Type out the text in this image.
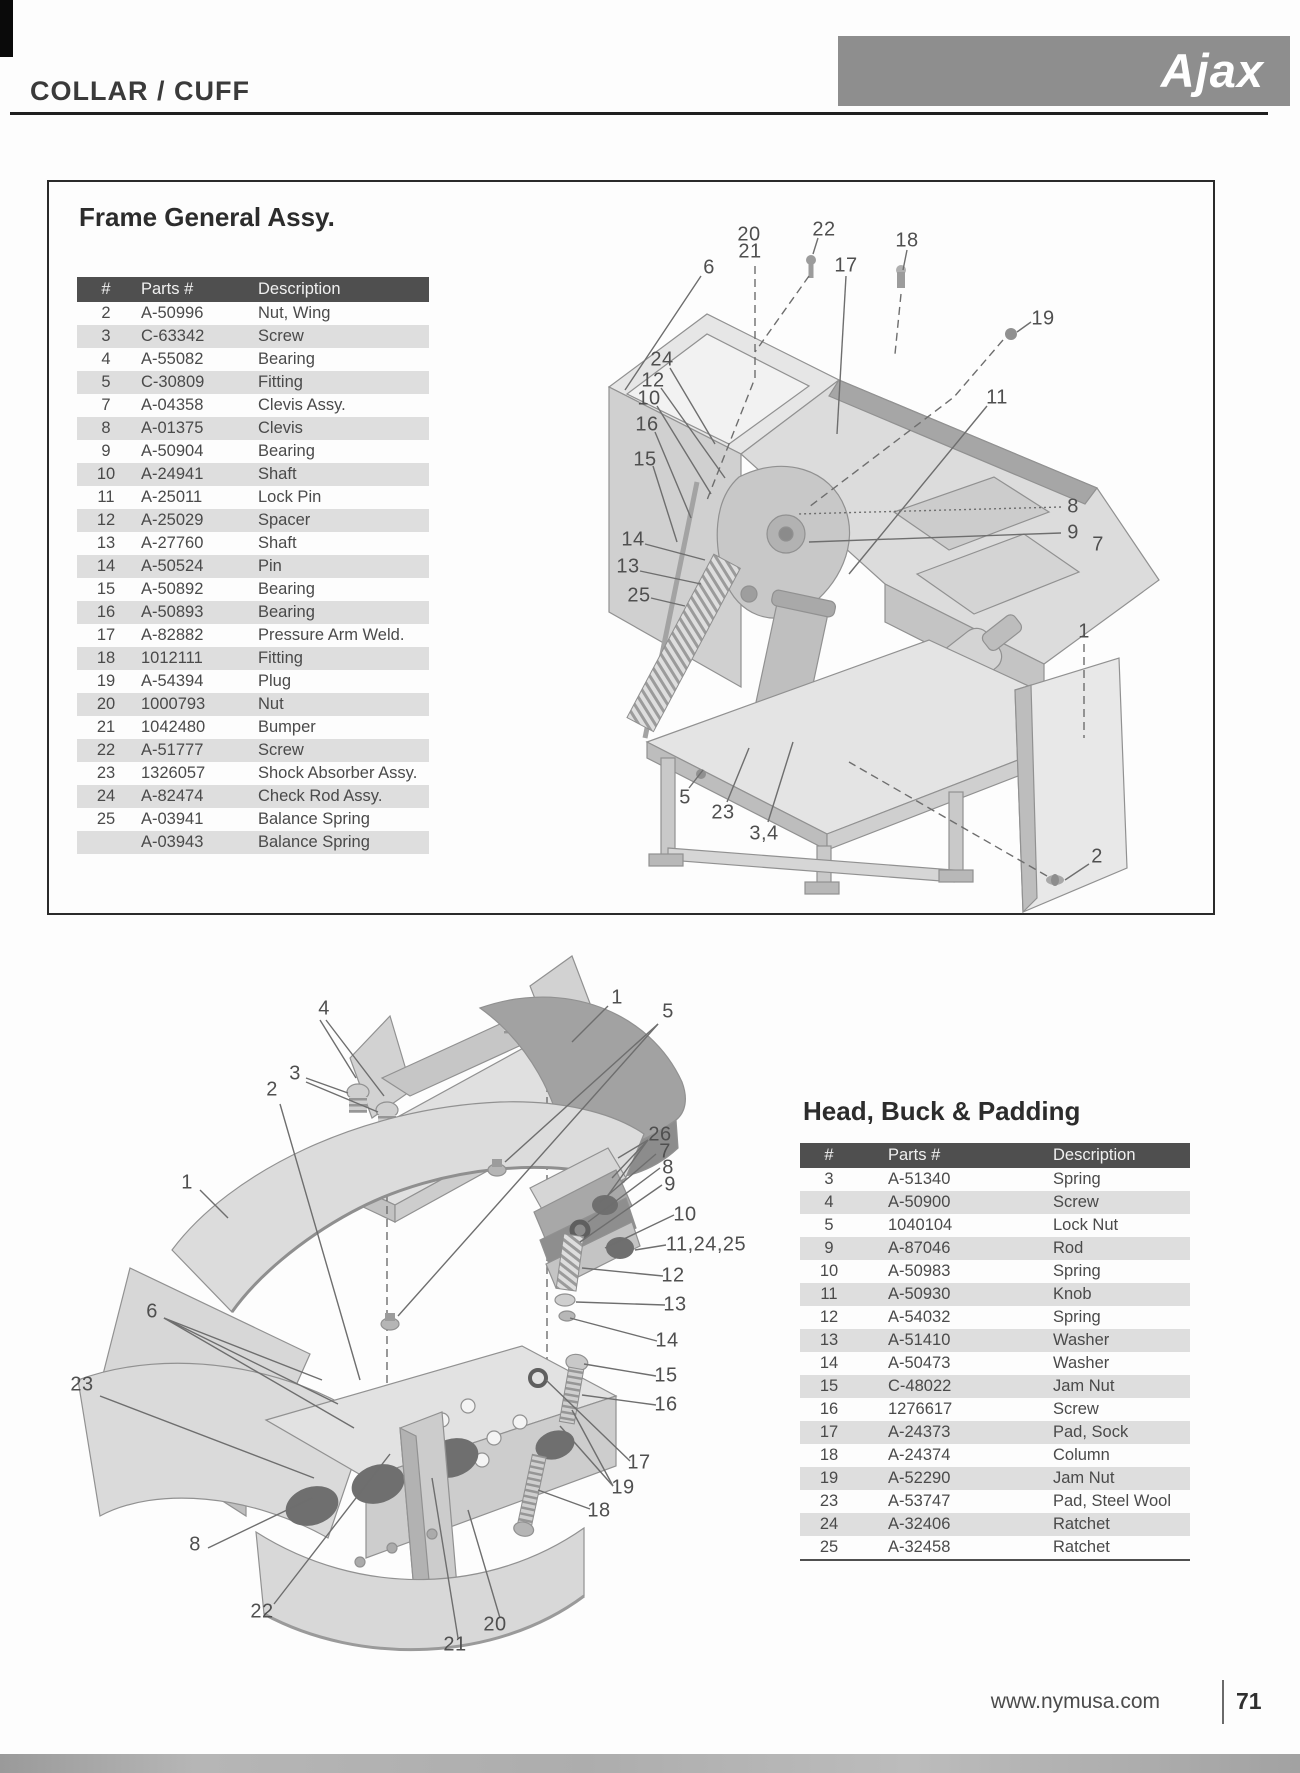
Ajax
COLLAR / CUFF
Frame General Assy.
#	Parts #	Description
2	A-50996	Nut, Wing
3	C-63342	Screw
4	A-55082	Bearing
5	C-30809	Fitting
7	A-04358	Clevis Assy.
8	A-01375	Clevis
9	A-50904	Bearing
10	A-24941	Shaft
11	A-25011	Lock Pin
12	A-25029	Spacer
13	A-27760	Shaft
14	A-50524	Pin
15	A-50892	Bearing
16	A-50893	Bearing
17	A-82882	Pressure Arm Weld.
18	1012111	Fitting
19	A-54394	Plug
20	1000793	Nut
21	1042480	Bumper
22	A-51777	Screw
23	1326057	Shock Absorber Assy.
24	A-82474	Check Rod Assy.
25	A-03941	Balance Spring
	A-03943	Balance Spring
20
21
22
17
18
6
19
24
12
10
16
15
11
8
9
7
14
13
25
1
5
23
3,4
2
1
4
3
2
5
1
6
23
26
7
8
9
10
11,24,25
12
13
14
15
16
17
19
18
8
22
21
20
Head, Buck & Padding
#	Parts #	Description
3	A-51340	Spring
4	A-50900	Screw
5	1040104	Lock Nut
9	A-87046	Rod
10	A-50983	Spring
11	A-50930	Knob
12	A-54032	Spring
13	A-51410	Washer
14	A-50473	Washer
15	C-48022	Jam Nut
16	1276617	Screw
17	A-24373	Pad, Sock
18	A-24374	Column
19	A-52290	Jam Nut
23	A-53747	Pad, Steel Wool
24	A-32406	Ratchet
25	A-32458	Ratchet
www.nymusa.com	71
